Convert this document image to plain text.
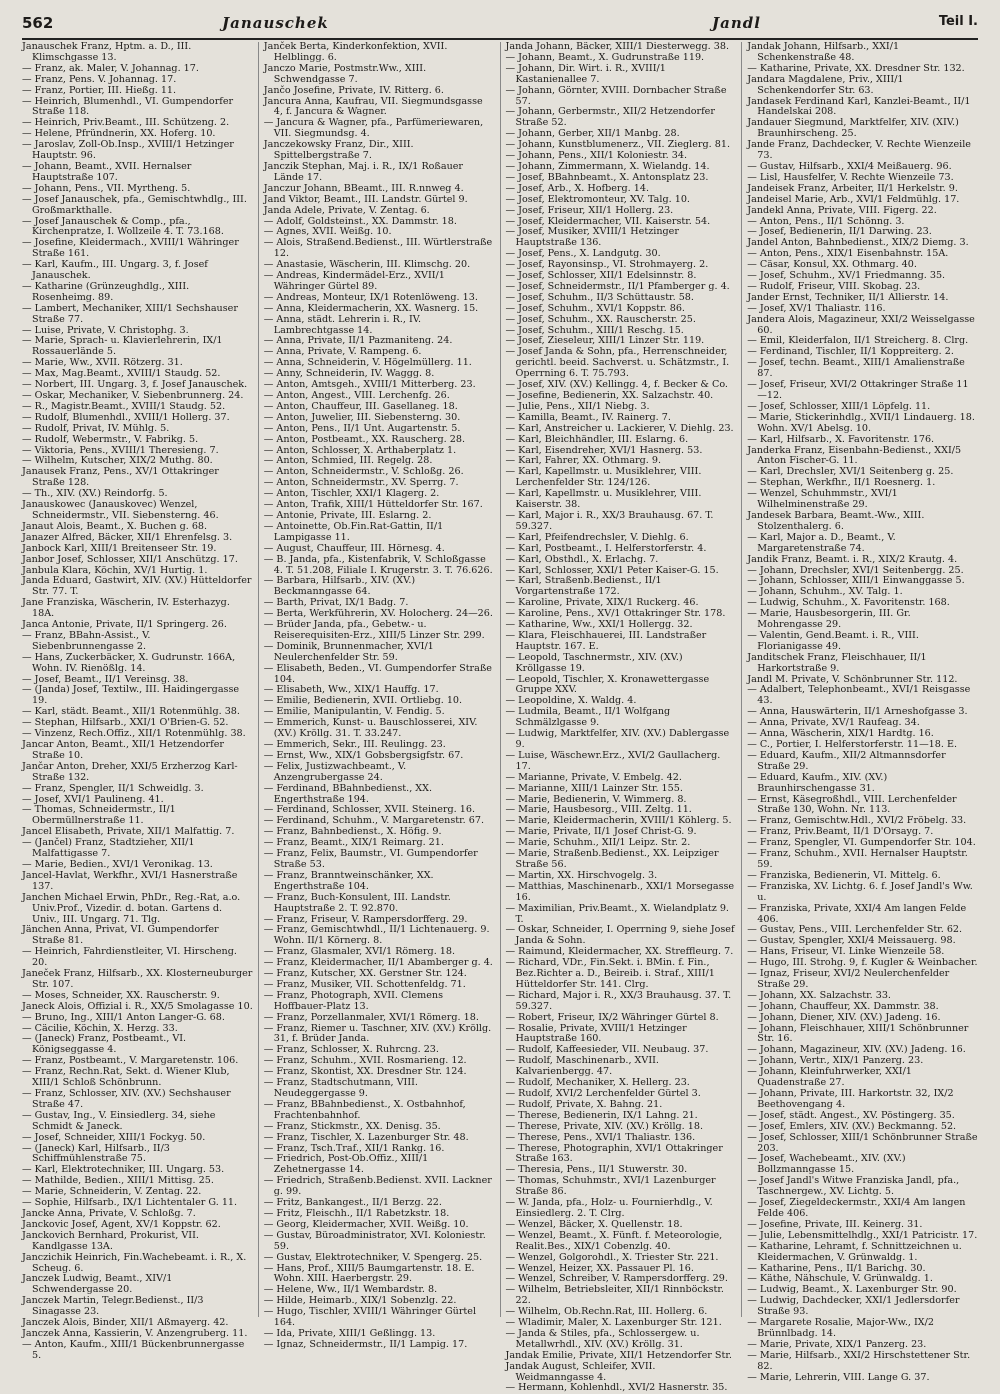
562	Janauschek	Jandl	Teil I.

Janauschek Franz, Hptm. a. D., III. Klimschgasse 13.

— Franz, ak. Maler, V. Johannag. 17.

— Franz, Pens. V. Johannag. 17.

— Franz, Portier, III. Hießg. 11.

— Heinrich, Blumenhdl., VI. Gumpendorfer Straße 118.

— Heinrich, Priv.Beamt., III. Schützeng. 2.

— Helene, Pfründnerin, XX. Hoferg. 10.

— Jaroslav, Zoll-Ob.Insp., XVIII/1 Hetzinger Hauptstr. 96.

— Johann, Beamt., XVII. Hernalser Hauptstraße 107.

— Johann, Pens., VII. Myrtheng. 5.

— Josef Janauschek, pfa., Gemischtwhdlg., III. Großmarkthalle.

— Josef Janauschek & Comp., pfa., Kirchenpratze, I. Wollzeile 4. T. 73.168.

— Josefine, Kleidermach., XVIII/1 Währinger Straße 161.

— Karl, Kaufm., III. Ungarg. 3, f. Josef Janauschek.

— Katharine (Grünzeughdlg., XIII. Rosenheimg. 89.

— Lambert, Mechaniker, XIII/1 Sechshauser Straße 77.

— Luise, Private, V. Christophg. 3.

— Marie, Sprach- u. Klavierlehrerin, IX/1 Rossauerlände 5.

— Marie, Ww., XVII. Rötzerg. 31.

— Max, Mag.Beamt., XVIII/1 Staudg. 52.

— Norbert, III. Ungarg. 3, f. Josef Janauschek.

— Oskar, Mechaniker, V. Siebenbrunnerg. 24.

— R., Magistr.Beamt., XVIII/1 Staudg. 52.

— Rudolf, Blumenhdl., XVIII/1 Hollerg. 37.

— Rudolf, Privat, IV. Mühlg. 5.

— Rudolf, Webermstr., V. Fabrikg. 5.

— Viktoria, Pens., XVIII/1 Theresieng. 7.

— Wilhelm, Kutscher, XIX/2 Muthg. 80.

Janausek Franz, Pens., XV/1 Ottakringer Straße 128.

— Th., XIV. (XV.) Reindorfg. 5.

Janauskowec (Janauskovec) Wenzel, Schneidermstr., VII. Siebensterng. 46.

Janaut Alois, Beamt., X. Buchen g. 68.

Janazer Alfred, Bäcker, XII/1 Ehrenfelsg. 3.

Janbock Karl, XIII/1 Breitenseer Str. 19.

Janbor Josef, Schlosser, XII/1 Anschützg. 17.

Janbula Klara, Köchin, XV/1 Hurtig. 1.

Janda Eduard, Gastwirt, XIV. (XV.) Hütteldorfer Str. 77. T.

Jane Franziska, Wäscherin, IV. Esterhazyg. 18A.

Janca Antonie, Private, II/1 Springerg. 26.

— Franz, BBahn-Assist., V. Siebenbrunnengasse 2.

— Hans, Zuckerbäcker, X. Gudrunstr. 166A, Wohn. IV. Rienößlg. 14.

— Josef, Beamt., II/1 Vereinsg. 38.

— (Janda) Josef, Textilw., III. Haidingergasse 19.

— Karl, städt. Beamt., XII/1 Rotenmühlg. 38.

— Stephan, Hilfsarb., XXI/1 O'Brien-G. 52.

— Vinzenz, Rech.Offiz., XII/1 Rotenmühlg. 38.

Jancar Anton, Beamt., XII/1 Hetzendorfer Straße 10.

Jančar Anton, Dreher, XXI/5 Erzherzog Karl-Straße 132.

— Franz, Spengler, II/1 Schweidlg. 3.

— Josef, XVI/1 Paulineng. 41.

— Thomas, Schneidermstr., II/1 Obermüllnerstraße 11.

Jancel Elisabeth, Private, XII/1 Malfattig. 7.

— (Jančel) Franz, Stadtzieher, XII/1 Malfattigasse 7.

— Marie, Bedien., XVI/1 Veronikag. 13.

Jancel-Havlat, Werkfhr., XVI/1 Hasnerstraße 137.

Janchen Michael Erwin, PhDr., Reg.-Rat, a.o. Univ.Prof., Vizedir. d. botan. Gartens d. Univ., III. Ungarg. 71. Tlg.

Jänchen Anna, Privat, VI. Gumpendorfer Straße 81.

— Heinrich, Fahrdienstleiter, VI. Hirscheng. 20.

Janeček Franz, Hilfsarb., XX. Klosterneuburger Str. 107.

— Moses, Schneider, XX. Rauscherstr. 9.

Janeck Alois, Offizial i. R., XX/5 Smolagasse 10.

— Bruno, Ing., XIII/1 Anton Langer-G. 68.

— Cäcilie, Köchin, X. Herzg. 33.

— (Janeck) Franz, Postbeamt., VI. Königseggasse 4.

— Franz, Postbeamt., V. Margaretenstr. 106.

— Franz, Rechn.Rat, Sekt. d. Wiener Klub, XIII/1 Schloß Schönbrunn.

— Franz, Schlosser, XIV. (XV.) Sechshauser Straße 47.

— Gustav, Ing., V. Einsiedlerg. 34, siehe Schmidt & Janeck.

— Josef, Schneider, XIII/1 Fockyg. 50.

— (Janeck) Karl, Hilfsarb., II/3 Schiffmühlenstraße 75.

— Karl, Elektrotechniker, III. Ungarg. 53.

— Mathilde, Bedien., XIII/1 Mittisg. 25.

— Marie, Schneiderin, V. Zentag. 22.

— Sophie, Hilfsarb., IX/1 Lichtentaler G. 11.

Jancke Anna, Private, V. Schloßg. 7.

Janckovic Josef, Agent, XV/1 Koppstr. 62.

Janckovich Bernhard, Prokurist, VII. Kandlgasse 13A.

Janczichik Heinrich, Fin.Wachebeamt. i. R., X. Scheug. 6.

Janczek Ludwig, Beamt., XIV/1 Schwendergasse 20.

Janczek Martin, Telegr.Bedienst., II/3 Sinagasse 23.

Janczek Alois, Binder, XII/1 Aßmayerg. 42.

Janczek Anna, Kassierin, V. Anzengruberg. 11.

— Anton, Kaufm., XIII/1 Bückenbrunnergasse 5.

Janček Berta, Kinderkonfektion, XVII. Helblingg. 6.

Janczo Marie, Postmstr.Ww., XIII. Schwendgasse 7.

Jančo Josefine, Private, IV. Ritterg. 6.

Jancura Anna, Kaufrau, VII. Siegmundsgasse 4, f. Jancura & Wagner.

— Jancura & Wagner, pfa., Parfümeriewaren, VII. Siegmundsg. 4.

Janczekowsky Franz, Dir., XIII. Spittelbergstraße 7.

Janczik Stephan, Maj. i. R., IX/1 Roßauer Lände 17.

Janczur Johann, BBeamt., III. R.nnweg 4.

Jand Viktor, Beamt., III. Landstr. Gürtel 9.

Janda Adele, Private, V. Zentag. 6.

— Adolf, Goldsteinst., XX. Dammstr. 18.

— Agnes, XVII. Weißg. 10.

— Alois, Straßend.Bedienst., III. Würtlerstraße 12.

— Anastasie, Wäscherin, III. Klimschg. 20.

— Andreas, Kindermädel-Erz., XVII/1 Währinger Gürtel 89.

— Andreas, Monteur, IX/1 Rotenlöweng. 13.

— Anna, Kleidermacherin, XX. Wasnerg. 15.

— Anna, städt. Lehrerin i. R., IV. Lambrechtgasse 14.

— Anna, Private, II/1 Pazmaniteng. 24.

— Anna, Private, V. Rampeng. 6.

— Anna, Schneiderin, V. Högelmüllerg. 11.

— Anny, Schneiderin, IV. Waggg. 8.

— Anton, Amtsgeh., XVIII/1 Mitterberg. 23.

— Anton, Angest., VIII. Lerchenfg. 26.

— Anton, Chauffeur, III. Gasellaneg. 18.

— Anton, Juwelier, III. Siebensterng. 30.

— Anton, Pens., II/1 Unt. Augartenstr. 5.

— Anton, Postbeamt., XX. Rauscherg. 28.

— Anton, Schlosser, X. Arthaberplatz 1.

— Anton, Schmied, III. Regelg. 28.

— Anton, Schneidermstr., V. Schloßg. 26.

— Anton, Schneidermstr., XV. Sperrg. 7.

— Anton, Tischler, XXI/1 Klagerg. 2.

— Anton, Trafik, XIII/1 Hütteldorfer Str. 167.

— Antonie, Private, III. Eslarng. 2.

— Antoinette, Ob.Fin.Rat-Gattin, II/1 Lampigasse 11.

— August, Chauffeur, III. Hörnesg. 4.

— B. Janda, pfa., Kistenfabrik, V. Schloßgasse 4. T. 51.208, Filiale I. Krugerstr. 3. T. 76.626.

— Barbara, Hilfsarb., XIV. (XV.) Beckmanngasse 64.

— Barth, Privat, IX/1 Badg. 7.

— Berta, Werkführerin, XV. Holocherg. 24—26.

— Brüder Janda, pfa., Gebetw.- u. Reiserequisiten-Erz., XIII/5 Linzer Str. 299.

— Dominik, Brunnenmacher, XVI/1 Neulerchenfelder Str. 59.

— Elisabeth, Beden., VI. Gumpendorfer Straße 104.

— Elisabeth, Ww., XIX/1 Hauffg. 17.

— Emilie, Bedienerin, XVII. Ortliebg. 10.

— Emilie, Manipulantin, V. Fendig. 5.

— Emmerich, Kunst- u. Bauschlosserei, XIV. (XV.) Kröllg. 31. T. 33.247.

— Emmerich, Sekr., III. Reulingg. 23.

— Ernst, Ww., XIX/1 Gobsbergsigfstr. 67.

— Felix, Justizwachbeamt., V. Anzengrubergasse 24.

— Ferdinand, BBahnbedienst., XX. Engerthstraße 194.

— Ferdinand, Schlosser, XVII. Steinerg. 16.

— Ferdinand, Schuhm., V. Margaretenstr. 67.

— Franz, Bahnbedienst., X. Höfig. 9.

— Franz, Beamt., XIX/1 Reimarg. 21.

— Franz, Felix, Baumstr., VI. Gumpendorfer Straße 53.

— Franz, Branntweinschänker, XX. Engerthstraße 104.

— Franz, Buch-Konsulent, III. Landstr. Hauptstraße 2. T. 92.870.

— Franz, Friseur, V. Rampersdorfferg. 29.

— Franz, Gemischtwhdl., II/1 Lichtenauerg. 9. Wohn. II/1 Körnerg. 8.

— Franz, Glasmaler, XVI/1 Römerg. 18.

— Franz, Kleidermacher, II/1 Abamberger g. 4.

— Franz, Kutscher, XX. Gerstner Str. 124.

— Franz, Musiker, VII. Schottenfeldg. 71.

— Franz, Photograph, XVII. Clemens Hoffbauer-Platz 13.

— Franz, Porzellanmaler, XVI/1 Römerg. 18.

— Franz, Riemer u. Taschner, XIV. (XV.) Kröllg. 31, f. Brüder Janda.

— Franz, Schlosser, X. Ruhrcng. 23.

— Franz, Schuhm., XVII. Rosmarieng. 12.

— Franz, Skontist, XX. Dresdner Str. 124.

— Franz, Stadtschutmann, VIII. Neudeggergasse 9.

— Franz, BBahnbedienst., X. Ostbahnhof, Frachtenbahnhof.

— Franz, Stickmstr., XX. Denisg. 35.

— Franz, Tischler, X. Lazenburger Str. 48.

— Franz, Tsch.Traf., XII/1 Rankg. 16.

— Friedrich, Post-Ob.Offiz., XIII/1 Zehetnergasse 14.

— Friedrich, Straßenb.Bedienst. XVII. Lackner g. 99.

— Fritz, Bankangest., II/1 Berzg. 22.

— Fritz, Fleischh., II/1 Rabetzkstr. 18.

— Georg, Kleidermacher, XVII. Weißg. 10.

— Gustav, Büroadministrator, XVI. Koloniestr. 59.

— Gustav, Elektrotechniker, V. Spengerg. 25.

— Hans, Prof., XIII/5 Baumgartenstr. 18. E. Wohn. XIII. Haerbergstr. 29.

— Helene, Ww., II/1 Wembardstr. 8.

— Hilde, Heimarb., XIX/1 Sobenzlg. 22.

— Hugo, Tischler, XVIII/1 Währinger Gürtel 164.

— Ida, Private, XIII/1 Geßlingg. 13.

— Ignaz, Schneidermstr., II/1 Lampig. 17.

Janda Johann, Bäcker, XIII/1 Diesterwegg. 38.

— Johann, Beamt., X. Gudrunstraße 119.

— Johann, Dir. Wirt. i. R., XVIII/1 Kastanienallee 7.

— Johann, Görnter, XVIII. Dornbacher Straße 57.

— Johann, Gerbermstr., XII/2 Hetzendorfer Straße 52.

— Johann, Gerber, XII/1 Manbg. 28.

— Johann, Kunstblumenerz., VII. Zieglerg. 81.

— Johann, Pens., XII/1 Koloniestr. 34.

— Johann, Zimmermann, X. Wielandg. 14.

— Josef, BBahnbeamt., X. Antonsplatz 23.

— Josef, Arb., X. Hofberg. 14.

— Josef, Elektromonteur, XV. Talg. 10.

— Josef, Friseur, XII/1 Hollerg. 23.

— Josef, Kleidermacher, VII. Kaiserstr. 54.

— Josef, Musiker, XVIII/1 Hetzinger Hauptstraße 136.

— Josef, Pens., X. Landgutg. 30.

— Josef, Rayonsinsp., VI. Strohmayerg. 2.

— Josef, Schlosser, XII/1 Edelsinnstr. 8.

— Josef, Schneidermstr., II/1 Pfamberger g. 4.

— Josef, Schuhm., II/3 Schüttaustr. 58.

— Josef, Schuhm., XVI/1 Koppstr. 86.

— Josef, Schuhm., XX. Rauscherstr. 25.

— Josef, Schuhm., XIII/1 Reschg. 15.

— Josef, Zieseleur, XIII/1 Linzer Str. 119.

— Josef Janda & Sohn, pfa., Herrenschneider, gerichtl. beeid. Sachverst. u. Schätzmstr., I. Operrning 6. T. 75.793.

— Josef, XIV. (XV.) Kellingg. 4, f. Becker & Co.

— Josefine, Bedienerin, XX. Salzachstr. 40.

— Julie, Pens., XII/1 Niebg. 3.

— Kamilla, Beamt., IV. Rainerg. 7.

— Karl, Anstreicher u. Lackierer, V. Diehlg. 23.

— Karl, Bleichhändler, III. Eslarng. 6.

— Karl, Eisendreher, XVI/1 Hasnerg. 53.

— Karl, Fahrer, XX. Othmarg. 9.

— Karl, Kapellmstr. u. Musiklehrer, VIII. Lerchenfelder Str. 124/126.

— Karl, Kapellmstr. u. Musiklehrer, VIII. Kaiserstr. 38.

— Karl, Major i. R., XX/3 Brauhausg. 67. T. 59.327.

— Karl, Pfeifendrechsler, V. Diehlg. 6.

— Karl, Postbeamt., I. Helferstorferstr. 4.

— Karl, Obsthdl., X. Erlachg. 7.

— Karl, Schlosser, XXI/1 Peter Kaiser-G. 15.

— Karl, Straßenb.Bedienst., II/1 Vorgartenstraße 172.

— Karoline, Private, XIX/1 Ruckerg. 46.

— Karoline, Pens., XV/1 Ottakringer Str. 178.

— Katharine, Ww., XXI/1 Hollergg. 32.

— Klara, Fleischhauerei, III. Landstraßer Hauptstr. 167. E.

— Leopold, Taschnermstr., XIV. (XV.) Kröllgasse 19.

— Leopold, Tischler, X. Kronawettergasse Gruppe XXV.

— Leopoldine, X. Waldg. 4.

— Ludmila, Beamt., II/1 Wolfgang Schmälzlgasse 9.

— Ludwig, Marktfelfer, XIV. (XV.) Dablergasse 9.

— Luise, Wäschewr.Erz., XVI/2 Gaullacherg. 17.

— Marianne, Private, V. Embelg. 42.

— Marianne, XIII/1 Lainzer Str. 155.

— Marie, Bedienerin, V. Wimmerg. 8.

— Marie, Hausbesorg., VIII. Zeltg. 11.

— Marie, Kleidermacherin, XVIII/1 Köhlerg. 5.

— Marie, Private, II/1 Josef Christ-G. 9.

— Marie, Schuhm., XII/1 Leipz. Str. 2.

— Marie, Straßenb.Bedienst., XX. Leipziger Straße 56.

— Martin, XX. Hirschvogelg. 3.

— Matthias, Maschinenarb., XXI/1 Morsegasse 16.

— Maximilian, Priv.Beamt., X. Wielandplatz 9. T.

— Oskar, Schneider, I. Operrning 9, siehe Josef Janda & Sohn.

— Raimund, Kleidermacher, XX. Streffleurg. 7.

— Richard, VDr., Fin.Sekt. i. BMin. f. Fin., Bez.Richter a. D., Beireib. i. Straf., XIII/1 Hütteldorfer Str. 141. Clrg.

— Richard, Major i. R., XX/3 Brauhausg. 37. T. 59.327.

— Robert, Friseur, IX/2 Währinger Gürtel 8.

— Rosalie, Private, XVIII/1 Hetzinger Hauptstraße 160.

— Rudolf, Kaffeesieder, VII. Neubaug. 37.

— Rudolf, Maschinenarb., XVII. Kalvarienbergg. 47.

— Rudolf, Mechaniker, X. Hellerg. 23.

— Rudolf, XVI/2 Lerchenfelder Gürtel 3.

— Rudolf, Private, X. Bahng. 21.

— Therese, Bedienerin, IX/1 Lahng. 21.

— Therese, Private, XIV. (XV.) Kröllg. 18.

— Therese, Pens., XVI/1 Thaliastr. 136.

— Therese, Photographin, XVI/1 Ottakringer Straße 163.

— Theresia, Pens., II/1 Stuwerstr. 30.

— Thomas, Schuhmstr., XVI/1 Lazenburger Straße 86.

— W. Janda, pfa., Holz- u. Fournierhdlg., V. Einsiedlerg. 2. T. Clrg.

— Wenzel, Bäcker, X. Quellenstr. 18.

— Wenzel, Beamt., X. Fünft. f. Meteorologie, Realit.Bes., XIX/1 Cobenzlg. 40.

— Wenzel, Golgorohdl., X. Triester Str. 221.

— Wenzel, Heizer, XX. Passauer Pl. 16.

— Wenzel, Schreiber, V. Rampersdorfferg. 29.

— Wilhelm, Betriebsleiter, XII/1 Rinnböckstr. 22.

— Wilhelm, Ob.Rechn.Rat, III. Hollerg. 6.

— Wladimir, Maler, X. Laxenburger Str. 121.

— Janda & Stiles, pfa., Schlossergew. u. Metallwrhdl., XIV. (XV.) Kröllg. 31.

Jandak Emilie, Private, XII/1 Hetzendorfer Str.

Jandak August, Schleifer, XVII. Weidmanngasse 4.

— Hermann, Kohlenhdl., XVI/2 Hasnerstr. 35.

Jandak Johann, Hilfsarb., XXI/1 Schenkenstraße 48.

— Katharine, Private, XX. Dresdner Str. 132.

Jandara Magdalene, Priv., XIII/1 Schenkendorfer Str. 63.

Jandasek Ferdinand Karl, Kanzlei-Beamt., II/1 Handelskai 208.

Jandauer Siegmund, Marktfelfer, XIV. (XIV.) Braunhirscheng. 25.

Jande Franz, Dachdecker, V. Rechte Wienzeile 73.

— Gustav, Hilfsarb., XXI/4 Meißauerg. 96.

— Lisl, Hausfelfer, V. Rechte Wienzeile 73.

Jandeisek Franz, Arbeiter, II/1 Herkelstr. 9.

Jandeisel Marie, Arb., XVI/1 Feldmühlg. 17.

Jandekl Anna, Private, VIII. Figerg. 22.

— Anton, Pens., II/1 Schönng. 3.

— Josef, Bedienerin, II/1 Darwing. 23.

Jandel Anton, Bahnbedienst., XIX/2 Diemg. 3.

— Anton, Pens., XIX/1 Eisenbahnstr. 15A.

— Cäsar, Konsul, XX. Othmarg. 40.

— Josef, Schuhm., XV/1 Friedmanng. 35.

— Rudolf, Friseur, VIII. Skobag. 23.

Jander Ernst, Techniker, II/1 Allierstr. 14.

— Josef, XV/1 Thaliastr. 116.

Jandera Alois, Magazineur, XXI/2 Weisselgasse 60.

— Emil, Kleiderfalon, II/1 Streicherg. 8. Clrg.

— Ferdinand, Tischler, II/1 Koppreiterg. 2.

— Josef, techn. Beamt., XIII/1 Amalienstraße 87.

— Josef, Friseur, XVI/2 Ottakringer Straße 11—12.

— Josef, Schlosser, XIII/1 Löpfelg. 11.

— Marie, Stickerinhdlg., XVII/1 Lindauerg. 18. Wohn. XV/1 Abelsg. 10.

— Karl, Hilfsarb., X. Favoritenstr. 176.

Janderka Franz, Eisenbahn-Bedienst., XXI/5 Anton Fischer-G. 11.

— Karl, Drechsler, XVI/1 Seitenberg g. 25.

— Stephan, Werkfhr., II/1 Roesnerg. 1.

— Wenzel, Schuhmmstr., XVI/1 Wilhelminenstraße 29.

Jandesek Barbara, Beamt.-Ww., XIII. Stolzenthalerg. 6.

— Karl, Major a. D., Beamt., V. Margaretenstraße 74.

Jandik Franz, Beamt. i. R., XIX/2 Krautg. 4.

— Johann, Drechsler, XVI/1 Seitenbergg. 25.

— Johann, Schlosser, XIII/1 Einwanggasse 5.

— Johann, Schuhm., XV. Talg. 1.

— Ludwig, Schuhm., X. Favoritenstr. 168.

— Marie, Hausbesorgerin, III. Gr. Mohrengasse 29.

— Valentin, Gend.Beamt. i. R., VIII. Florianigasse 49.

Janditschek Franz, Fleischhauer, II/1 Harkortstraße 9.

Jandl M. Private, V. Schönbrunner Str. 112.

— Adalbert, Telephonbeamt., XVI/1 Reisgasse 43.

— Anna, Hauswärterin, II/1 Arneshofgasse 3.

— Anna, Private, XV/1 Raufeag. 34.

— Anna, Wäscherin, XIX/1 Hardtg. 16.

— C., Portier, I. Helferstorferstr. 11—18. E.

— Eduard, Kaufm., XII/2 Altmannsdorfer Straße 29.

— Eduard, Kaufm., XIV. (XV.) Braunhirschengasse 31.

— Ernst, Käsegroßhdl., VIII. Lerchenfelder Straße 130, Wohn. Nr. 113.

— Franz, Gemischtw.Hdl., XVI/2 Fröbelg. 33.

— Franz, Priv.Beamt, II/1 D'Orsayg. 7.

— Franz, Spengler, VI. Gumpendorfer Str. 104.

— Franz, Schuhm., XVII. Hernalser Hauptstr. 59.

— Franziska, Bedienerin, VI. Mittelg. 6.

— Franziska, XV. Lichtg. 6. f. Josef Jandl's Ww. u.

— Franziska, Private, XXI/4 Am langen Felde 406.

— Gustav, Pens., VIII. Lerchenfelder Str. 62.

— Gustav, Spengler, XXI/4 Meissauerg. 98.

— Hans, Friseur, VI. Linke Wienzeile 58.

— Hugo, III. Strohg. 9, f. Kugler & Weinbacher.

— Ignaz, Friseur, XVI/2 Neulerchenfelder Straße 29.

— Johann, XX. Salzachstr. 33.

— Johann, Chauffeur, XX. Dammstr. 38.

— Johann, Diener, XIV. (XV.) Jadeng. 16.

— Johann, Fleischhauer, XIII/1 Schönbrunner Str. 16.

— Johann, Magazineur, XIV. (XV.) Jadeng. 16.

— Johann, Vertr., XIX/1 Panzerg. 23.

— Johann, Kleinfuhrwerker, XXI/1 Quadenstraße 27.

— Johann, Private, III. Harkortstr. 32, IX/2 Beethovengang 4.

— Josef, städt. Angest., XV. Pöstingerg. 35.

— Josef, Emlers, XIV. (XV.) Beckmanng. 52.

— Josef, Schlosser, XIII/1 Schönbrunner Straße 203.

— Josef, Wachebeamt., XIV. (XV.) Bollzmanngasse 15.

— Josef Jandl's Witwe Franziska Jandl, pfa., Taschnergew., XV. Lichtg. 5.

— Josef, Ziegeldeckermstr., XXI/4 Am langen Felde 406.

— Josefine, Private, III. Keinerg. 31.

— Julie, Lebensmittelhdlg., XXI/1 Patricistr. 17.

— Katharine, Lehramt, f. Schnittzeichnen u. Kleidermachen, V. Grünwaldg. 1.

— Katharine, Pens., II/1 Barichg. 30.

— Käthe, Nähschule, V. Grünwaldg. 1.

— Ludwig, Beamt., X. Laxenburger Str. 90.

— Ludwig, Dachdecker, XXI/1 Jedlersdorfer Straße 93.

— Margarete Rosalie, Major-Ww., IX/2 Brünnlbadg. 14.

— Marie, Private, XIX/1 Panzerg. 23.

— Marie, Hilfsarb., XXI/2 Hirschstettener Str. 82.

— Marie, Lehrerin, VIII. Lange G. 37.
